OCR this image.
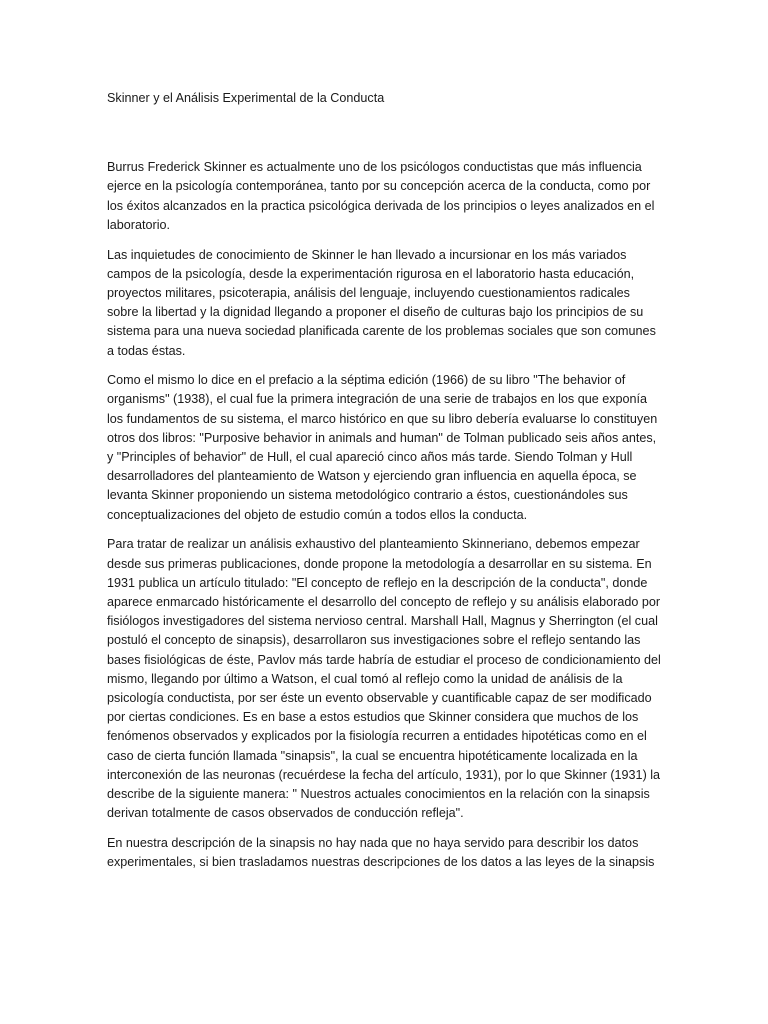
Skinner y el Análisis Experimental de la Conducta

Burrus Frederick Skinner es actualmente uno de los psicólogos conductistas que más influencia ejerce en la psicología contemporánea, tanto por su concepción acerca de la conducta, como por los éxitos alcanzados en la practica psicológica derivada de los principios o leyes analizados en el laboratorio.

Las inquietudes de conocimiento de Skinner le han llevado a incursionar en los más variados campos de la psicología, desde la experimentación rigurosa en el laboratorio hasta educación, proyectos militares, psicoterapia, análisis del lenguaje, incluyendo cuestionamientos radicales sobre la libertad y la dignidad llegando a proponer el diseño de culturas bajo los principios de su sistema para una nueva sociedad planificada carente de los problemas sociales que son comunes a todas éstas.

Como el mismo lo dice en el prefacio a la séptima edición (1966) de su libro "The behavior of organisms" (1938), el cual fue la primera integración de una serie de trabajos en los que exponía los fundamentos de su sistema, el marco histórico en que su libro debería evaluarse lo constituyen otros dos libros: "Purposive behavior in animals and human" de Tolman publicado seis años antes, y "Principles of behavior" de Hull, el cual apareció cinco años más tarde. Siendo Tolman y Hull desarrolladores del planteamiento de Watson y ejerciendo gran influencia en aquella época, se levanta Skinner proponiendo un sistema metodológico contrario a éstos, cuestionándoles sus conceptualizaciones del objeto de estudio común a todos ellos la conducta.

Para tratar de realizar un análisis exhaustivo del planteamiento Skinneriano, debemos empezar desde sus primeras publicaciones, donde propone la metodología a desarrollar en su sistema. En 1931 publica un artículo titulado: "El concepto de reflejo en la descripción de la conducta", donde aparece enmarcado históricamente el desarrollo del concepto de reflejo y su análisis elaborado por fisiólogos investigadores del sistema nervioso central. Marshall Hall, Magnus y Sherrington (el cual postuló el concepto de sinapsis), desarrollaron sus investigaciones sobre el reflejo sentando las bases fisiológicas de éste, Pavlov más tarde habría de estudiar el proceso de condicionamiento del mismo, llegando por último a Watson, el cual tomó al reflejo como la unidad de análisis de la psicología conductista, por ser éste un evento observable y cuantificable capaz de ser modificado por ciertas condiciones. Es en base a estos estudios que Skinner considera que muchos de los fenómenos observados y explicados por la fisiología recurren a entidades hipotéticas como en el caso de cierta función llamada "sinapsis", la cual se encuentra hipotéticamente localizada en la interconexión de las neuronas (recuérdese la fecha del artículo, 1931), por lo que Skinner (1931) la describe de la siguiente manera: " Nuestros actuales conocimientos en la relación con la sinapsis derivan totalmente de casos observados de conducción refleja".

En nuestra descripción de la sinapsis no hay nada que no haya servido para describir los datos experimentales, si bien trasladamos nuestras descripciones de los datos a las leyes de la sinapsis
